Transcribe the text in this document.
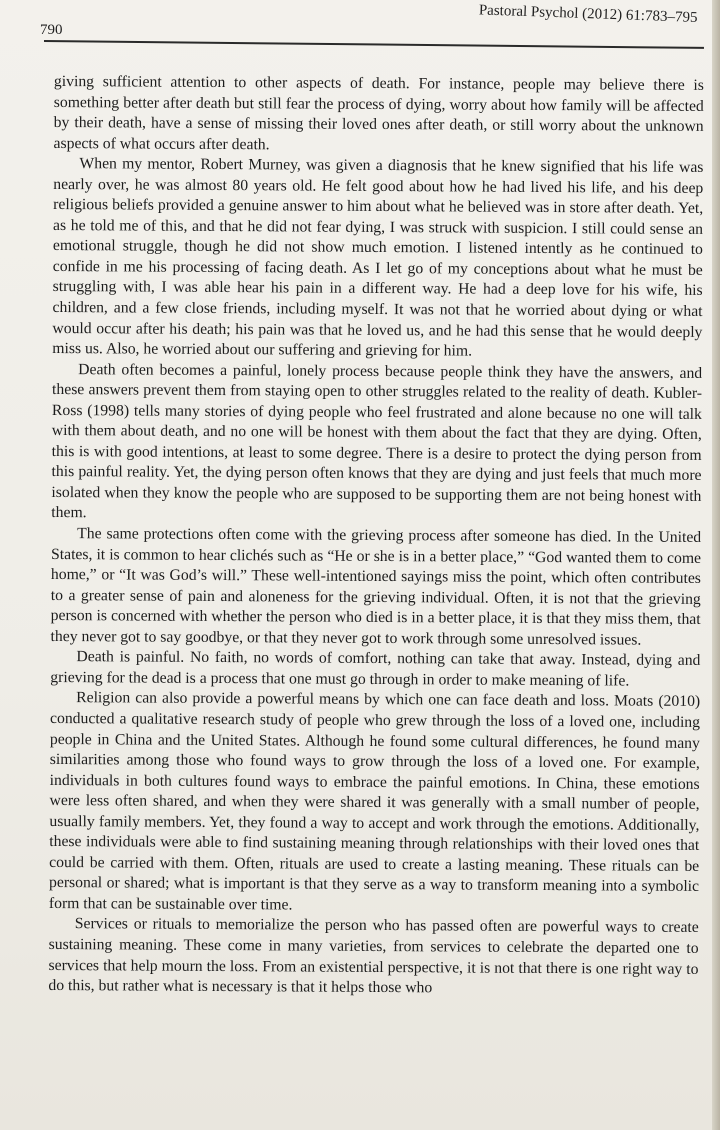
790
Pastoral Psychol (2012) 61:783–795

giving sufficient attention to other aspects of death. For instance, people may believe there is something better after death but still fear the process of dying, worry about how family will be affected by their death, have a sense of missing their loved ones after death, or still worry about the unknown aspects of what occurs after death.

When my mentor, Robert Murney, was given a diagnosis that he knew signified that his life was nearly over, he was almost 80 years old. He felt good about how he had lived his life, and his deep religious beliefs provided a genuine answer to him about what he believed was in store after death. Yet, as he told me of this, and that he did not fear dying, I was struck with suspicion. I still could sense an emotional struggle, though he did not show much emotion. I listened intently as he continued to confide in me his processing of facing death. As I let go of my conceptions about what he must be struggling with, I was able hear his pain in a different way. He had a deep love for his wife, his children, and a few close friends, including myself. It was not that he worried about dying or what would occur after his death; his pain was that he loved us, and he had this sense that he would deeply miss us. Also, he worried about our suffering and grieving for him.

Death often becomes a painful, lonely process because people think they have the answers, and these answers prevent them from staying open to other struggles related to the reality of death. Kubler-Ross (1998) tells many stories of dying people who feel frustrated and alone because no one will talk with them about death, and no one will be honest with them about the fact that they are dying. Often, this is with good intentions, at least to some degree. There is a desire to protect the dying person from this painful reality. Yet, the dying person often knows that they are dying and just feels that much more isolated when they know the people who are supposed to be supporting them are not being honest with them.

The same protections often come with the grieving process after someone has died. In the United States, it is common to hear clichés such as “He or she is in a better place,” “God wanted them to come home,” or “It was God’s will.” These well-intentioned sayings miss the point, which often contributes to a greater sense of pain and aloneness for the grieving individual. Often, it is not that the grieving person is concerned with whether the person who died is in a better place, it is that they miss them, that they never got to say goodbye, or that they never got to work through some unresolved issues.

Death is painful. No faith, no words of comfort, nothing can take that away. Instead, dying and grieving for the dead is a process that one must go through in order to make meaning of life.

Religion can also provide a powerful means by which one can face death and loss. Moats (2010) conducted a qualitative research study of people who grew through the loss of a loved one, including people in China and the United States. Although he found some cultural differences, he found many similarities among those who found ways to grow through the loss of a loved one. For example, individuals in both cultures found ways to embrace the painful emotions. In China, these emotions were less often shared, and when they were shared it was generally with a small number of people, usually family members. Yet, they found a way to accept and work through the emotions. Additionally, these individuals were able to find sustaining meaning through relationships with their loved ones that could be carried with them. Often, rituals are used to create a lasting meaning. These rituals can be personal or shared; what is important is that they serve as a way to transform meaning into a symbolic form that can be sustainable over time.

Services or rituals to memorialize the person who has passed often are powerful ways to create sustaining meaning. These come in many varieties, from services to celebrate the departed one to services that help mourn the loss. From an existential perspective, it is not that there is one right way to do this, but rather what is necessary is that it helps those who
